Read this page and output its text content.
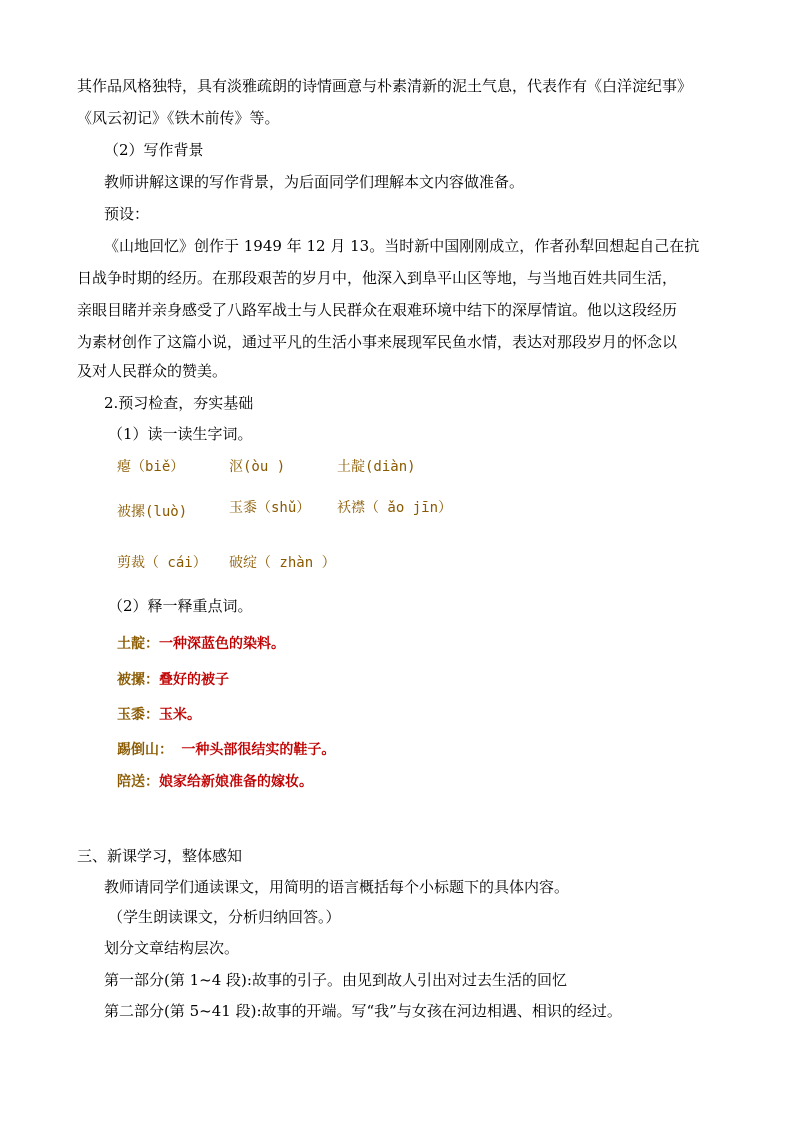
其作品风格独特，具有淡雅疏朗的诗情画意与朴素清新的泥土气息，代表作有《白洋淀纪事》
《风云初记》《铁木前传》等。
（2）写作背景
教师讲解这课的写作背景，为后面同学们理解本文内容做准备。
预设：
《山地回忆》创作于 1949 年 12 月 13。当时新中国刚刚成立，作者孙犁回想起自己在抗
日战争时期的经历。在那段艰苦的岁月中，他深入到阜平山区等地，与当地百姓共同生活，
亲眼目睹并亲身感受了八路军战士与人民群众在艰难环境中结下的深厚情谊。他以这段经历
为素材创作了这篇小说，通过平凡的生活小事来展现军民鱼水情，表达对那段岁月的怀念以
及对人民群众的赞美。
2.预习检查，夯实基础
（1）读一读生字词。
瘪（biě）	沤(òu )	土靛(diàn)
被摞(luò)	玉黍（shǔ） 袄襟（ ǎo jīn）
剪裁（ cái） 破绽（ zhàn ）
（2）释一释重点词。
土靛：一种深蓝色的染料。
被摞：叠好的被子
玉黍：玉米。
踢倒山： 一种头部很结实的鞋子。
陪送：娘家给新娘准备的嫁妆。
三、新课学习，整体感知
教师请同学们通读课文，用简明的语言概括每个小标题下的具体内容。
（学生朗读课文，分析归纳回答。）
划分文章结构层次。
第一部分(第 1~4 段):故事的引子。由见到故人引出对过去生活的回忆
第二部分(第 5~41 段):故事的开端。写“我”与女孩在河边相遇、相识的经过。
